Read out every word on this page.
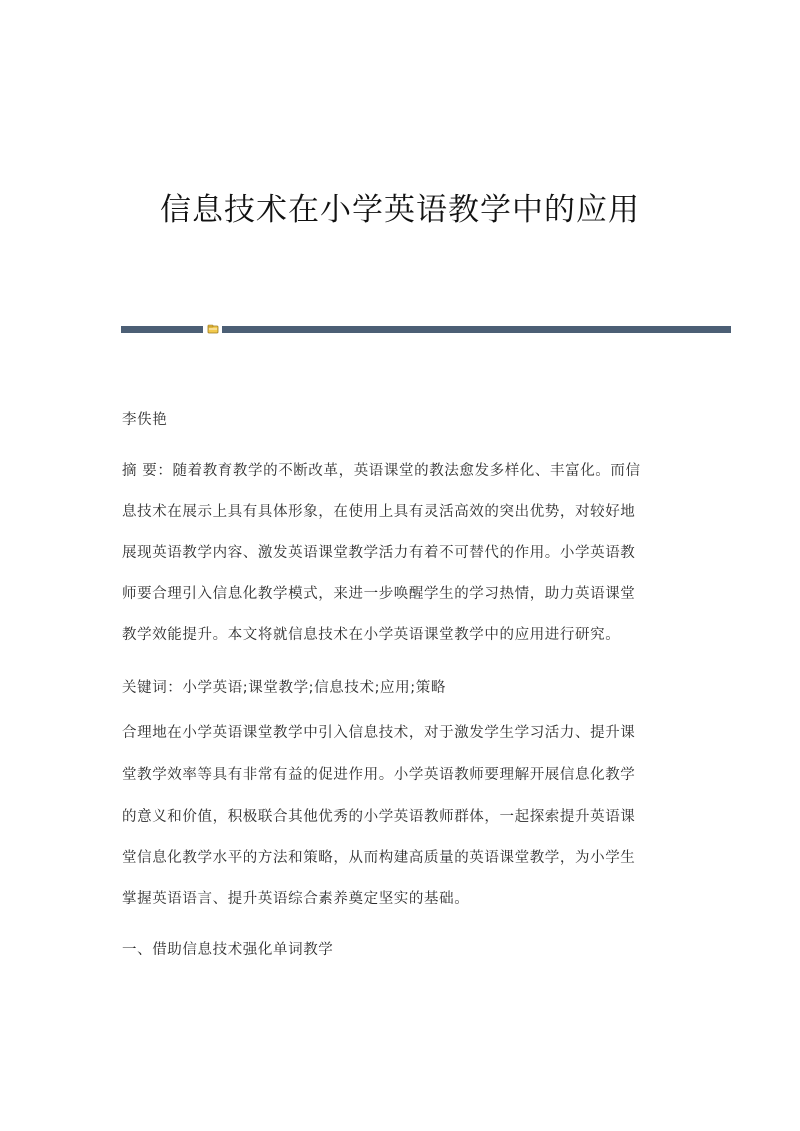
信息技术在小学英语教学中的应用
李佚艳
摘 要：随着教育教学的不断改革，英语课堂的教法愈发多样化、丰富化。而信
息技术在展示上具有具体形象，在使用上具有灵活高效的突出优势，对较好地
展现英语教学内容、激发英语课堂教学活力有着不可替代的作用。小学英语教
师要合理引入信息化教学模式，来进一步唤醒学生的学习热情，助力英语课堂
教学效能提升。本文将就信息技术在小学英语课堂教学中的应用进行研究。
关键词：小学英语;课堂教学;信息技术;应用;策略
合理地在小学英语课堂教学中引入信息技术，对于激发学生学习活力、提升课
堂教学效率等具有非常有益的促进作用。小学英语教师要理解开展信息化教学
的意义和价值，积极联合其他优秀的小学英语教师群体，一起探索提升英语课
堂信息化教学水平的方法和策略，从而构建高质量的英语课堂教学，为小学生
掌握英语语言、提升英语综合素养奠定坚实的基础。
一、借助信息技术强化单词教学
